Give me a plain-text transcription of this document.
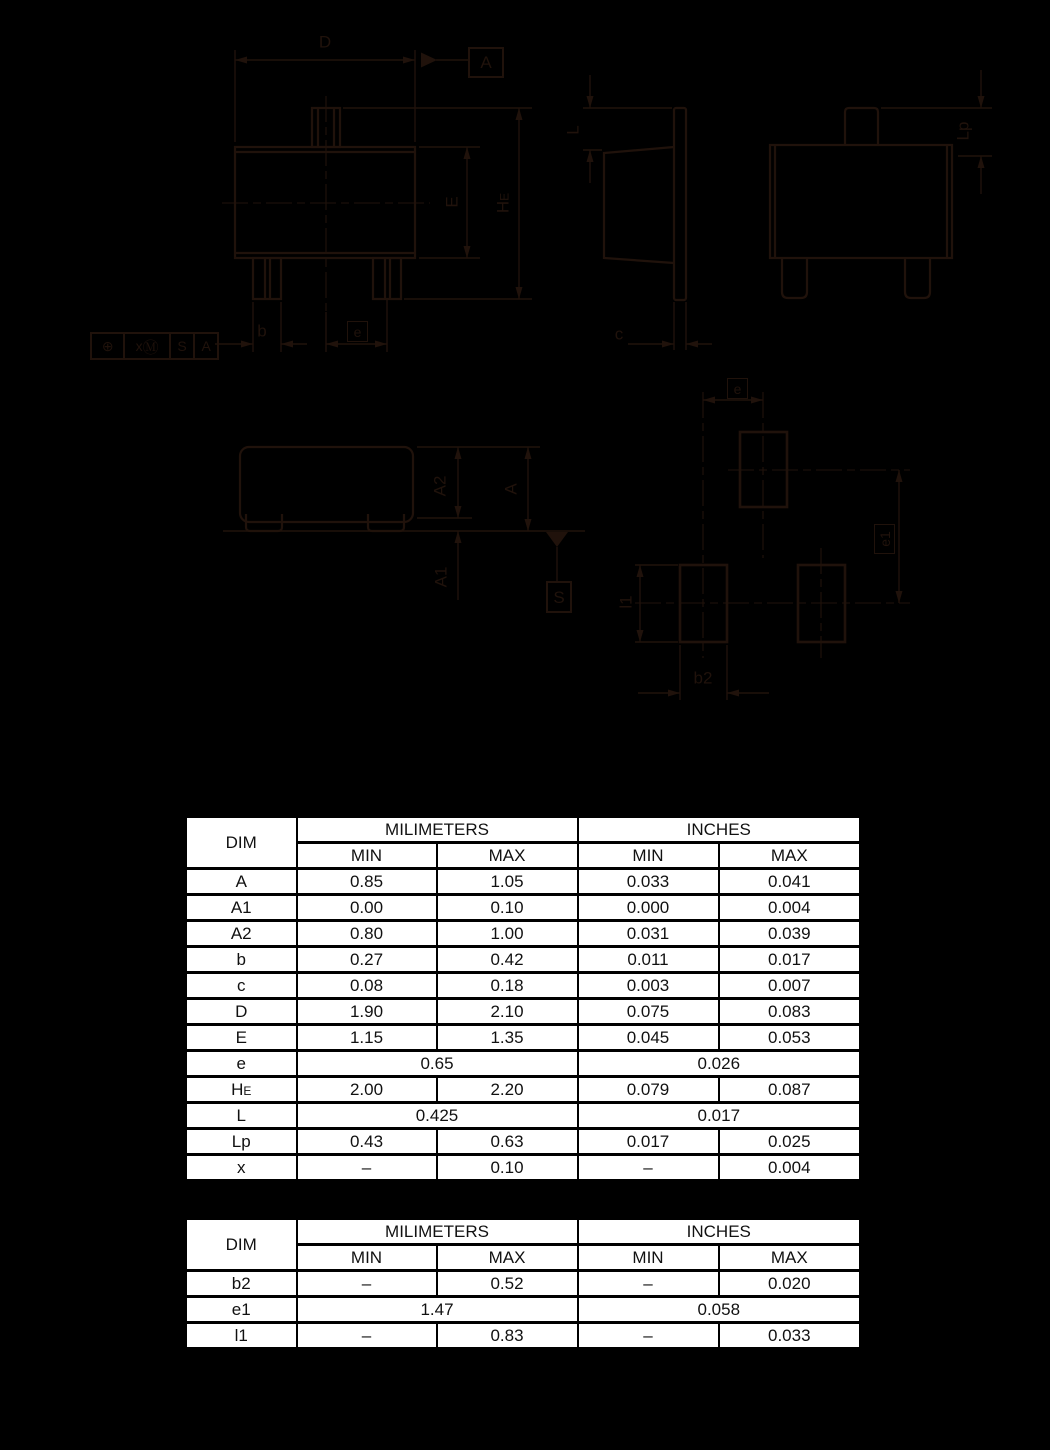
D
A
E HE
b	e
⊕	x Ⓜ	S	A
L
c
Lp
A2	A
A1
S
e
e1
l1
b2
DIM	MILIMETERS		INCHES	
	MIN	MAX	MIN	MAX
A	0.85	1.05	0.033	0.041
A1	0.00	0.10	0.000	0.004
A2	0.80	1.00	0.031	0.039
b	0.27	0.42	0.011	0.017
c	0.08	0.18	0.003	0.007
D	1.90	2.10	0.075	0.083
E	1.15	1.35	0.045	0.053
e	0.65		0.026	
HE	2.00	2.20	0.079	0.087
L	0.425		0.017	
Lp	0.43	0.63	0.017	0.025
x	–	0.10	–	0.004
DIM	MILIMETERS		INCHES	
	MIN	MAX	MIN	MAX
b2	–	0.52	–	0.020
e1	1.47		0.058	
l1	–	0.83	–	0.033
